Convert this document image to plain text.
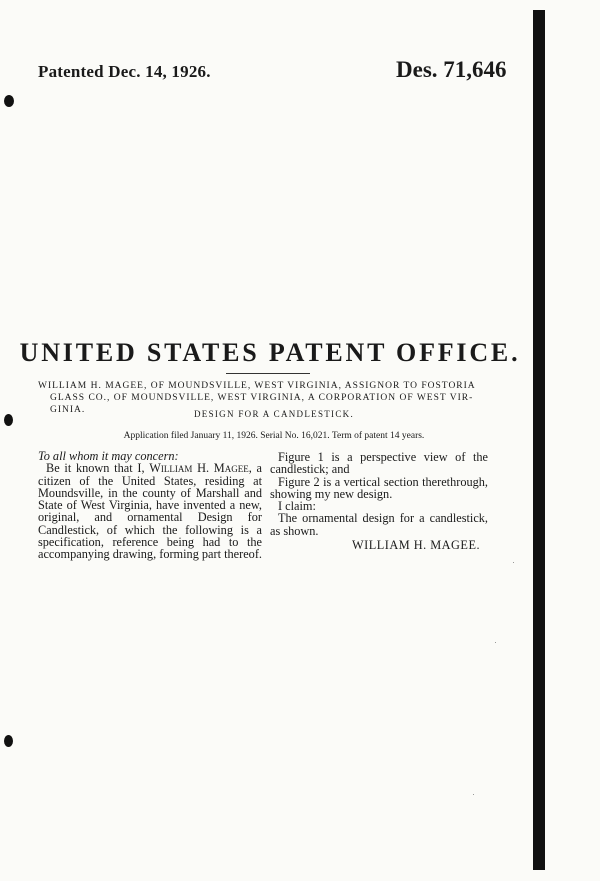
Patented Dec. 14, 1926.	Des. 71,646
UNITED STATES PATENT OFFICE.
WILLIAM H. MAGEE, OF MOUNDSVILLE, WEST VIRGINIA, ASSIGNOR TO FOSTORIA
GLASS CO., OF MOUNDSVILLE, WEST VIRGINIA, A CORPORATION OF WEST VIR-
GINIA.	DESIGN FOR A CANDLESTICK.
Application filed January 11, 1926. Serial No. 16,021. Term of patent 14 years.

To all whom it may concern:

Be it known that I, William H. Magee, a citizen of the United States, residing at Moundsville, in the county of Marshall and State of West Virginia, have invented a new, original, and ornamental Design for Candlestick, of which the following is a specification, reference being had to the accompanying drawing, forming part thereof.

Figure 1 is a perspective view of the candlestick; and

Figure 2 is a vertical section therethrough, showing my new design.

I claim:

The ornamental design for a candlestick, as shown.

WILLIAM H. MAGEE.
